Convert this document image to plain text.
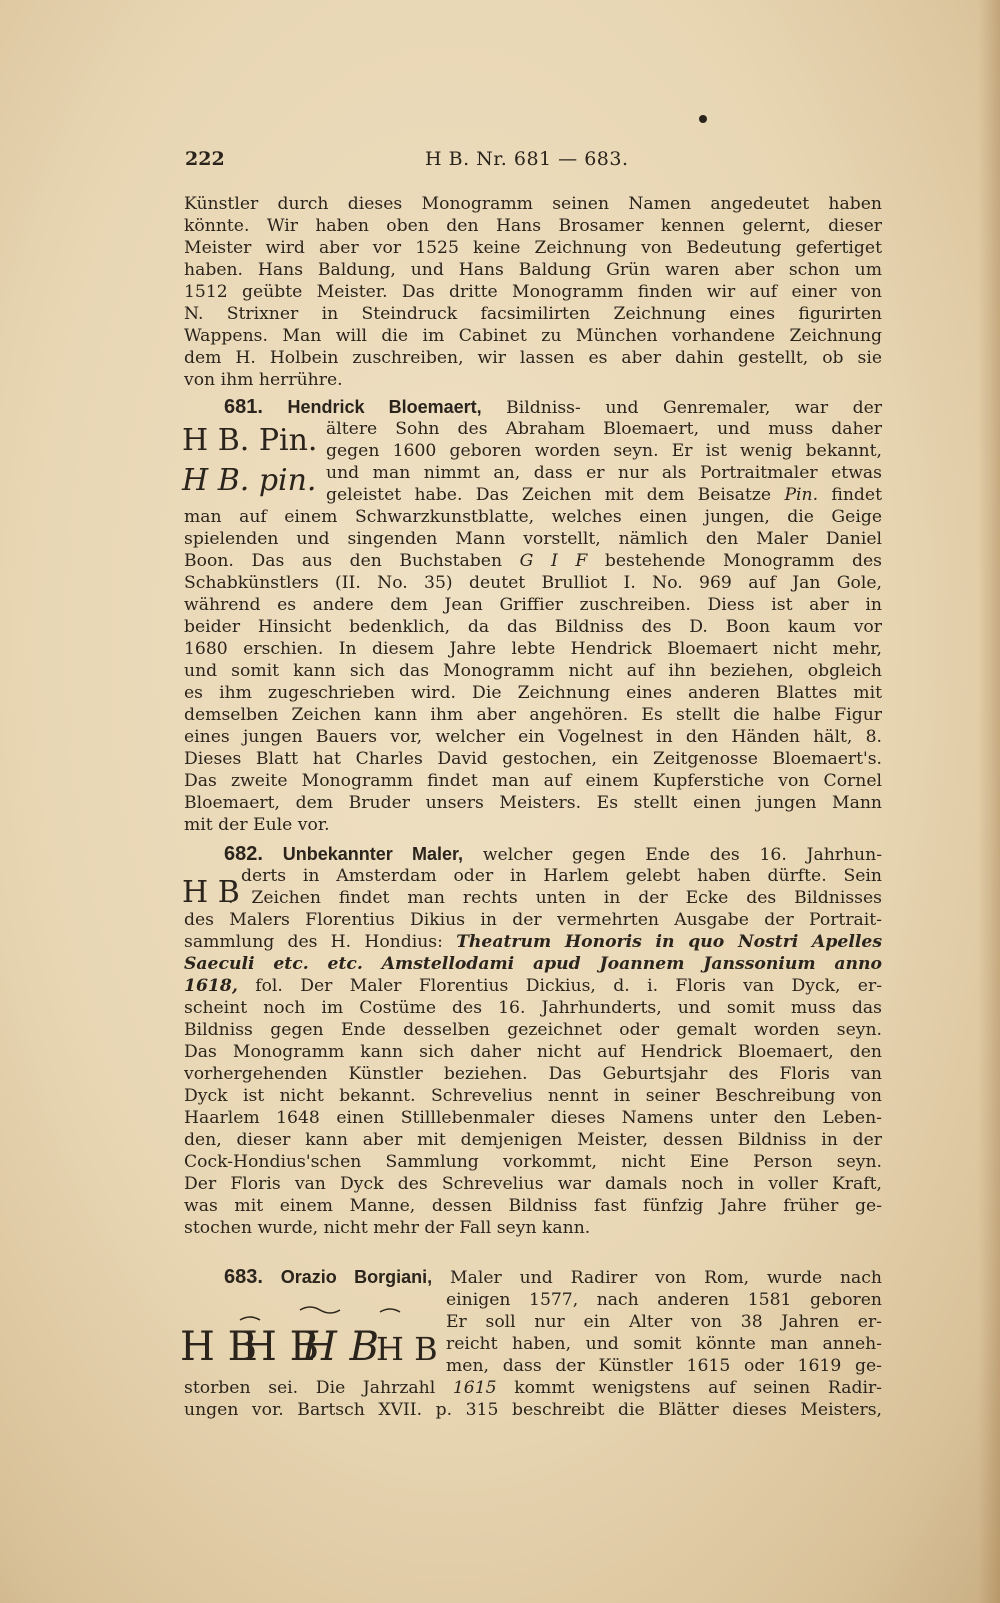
222	H B. Nr. 681 — 683.
Künstler durch dieses Monogramm seinen Namen angedeutet haben
könnte. Wir haben oben den Hans Brosamer kennen gelernt, dieser
Meister wird aber vor 1525 keine Zeichnung von Bedeutung gefertiget
haben. Hans Baldung, und Hans Baldung Grün waren aber schon um
1512 geübte Meister. Das dritte Monogramm finden wir auf einer von
N. Strixner in Steindruck facsimilirten Zeichnung eines figurirten
Wappens. Man will die im Cabinet zu München vorhandene Zeichnung
dem H. Holbein zuschreiben, wir lassen es aber dahin gestellt, ob sie
von ihm herrühre.
681. Hendrick Bloemaert, Bildniss- und Genremaler, war der
H B. Pin.
H B. pin.
ältere Sohn des Abraham Bloemaert, und muss daher
gegen 1600 geboren worden seyn. Er ist wenig bekannt,
und man nimmt an, dass er nur als Portraitmaler etwas
geleistet habe. Das Zeichen mit dem Beisatze Pin. findet
man auf einem Schwarzkunstblatte, welches einen jungen, die Geige
spielenden und singenden Mann vorstellt, nämlich den Maler Daniel
Boon. Das aus den Buchstaben G I F bestehende Monogramm des
Schabkünstlers (II. No. 35) deutet Brulliot I. No. 969 auf Jan Gole,
während es andere dem Jean Griffier zuschreiben. Diess ist aber in
beider Hinsicht bedenklich, da das Bildniss des D. Boon kaum vor
1680 erschien. In diesem Jahre lebte Hendrick Bloemaert nicht mehr,
und somit kann sich das Monogramm nicht auf ihn beziehen, obgleich
es ihm zugeschrieben wird. Die Zeichnung eines anderen Blattes mit
demselben Zeichen kann ihm aber angehören. Es stellt die halbe Figur
eines jungen Bauers vor, welcher ein Vogelnest in den Händen hält, 8.
Dieses Blatt hat Charles David gestochen, ein Zeitgenosse Bloemaert's.
Das zweite Monogramm findet man auf einem Kupferstiche von Cornel
Bloemaert, dem Bruder unsers Meisters. Es stellt einen jungen Mann
mit der Eule vor.
682. Unbekannter Maler, welcher gegen Ende des 16. Jahrhun-
H B derts in Amsterdam oder in Harlem gelebt haben dürfte. Sein
. Zeichen findet man rechts unten in der Ecke des Bildnisses
des Malers Florentius Dikius in der vermehrten Ausgabe der Portrait-
sammlung des H. Hondius: Theatrum Honoris in quo Nostri Apelles
Saeculi etc. etc. Amstellodami apud Joannem Janssonium anno
1618, fol. Der Maler Florentius Dickius, d. i. Floris van Dyck, er-
scheint noch im Costüme des 16. Jahrhunderts, und somit muss das
Bildniss gegen Ende desselben gezeichnet oder gemalt worden seyn.
Das Monogramm kann sich daher nicht auf Hendrick Bloemaert, den
vorhergehenden Künstler beziehen. Das Geburtsjahr des Floris van
Dyck ist nicht bekannt. Schrevelius nennt in seiner Beschreibung von
Haarlem 1648 einen Stilllebenmaler dieses Namens unter den Leben-
den, dieser kann aber mit demjenigen Meister, dessen Bildniss in der
Cock-Hondius'schen Sammlung vorkommt, nicht Eine Person seyn.
Der Floris van Dyck des Schrevelius war damals noch in voller Kraft,
was mit einem Manne, dessen Bildniss fast fünfzig Jahre früher ge-
stochen wurde, nicht mehr der Fall seyn kann.
683. Orazio Borgiani, Maler und Radirer von Rom, wurde nach
H B
H B
H B
H B
einigen 1577, nach anderen 1581 geboren
Er soll nur ein Alter von 38 Jahren er-
reicht haben, und somit könnte man anneh-
men, dass der Künstler 1615 oder 1619 ge-
storben sei. Die Jahrzahl 1615 kommt wenigstens auf seinen Radir-
ungen vor. Bartsch XVII. p. 315 beschreibt die Blätter dieses Meisters,
